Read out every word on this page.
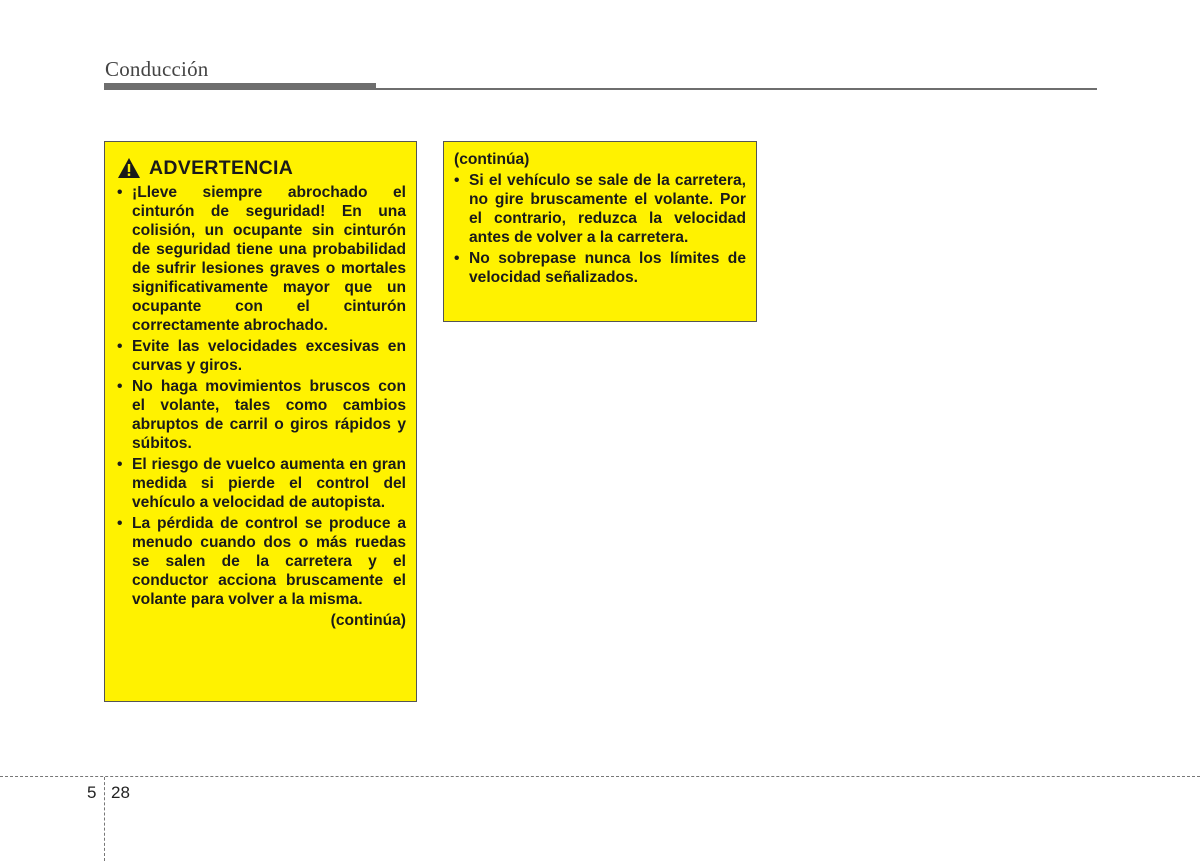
Conducción
ADVERTENCIA
• ¡Lleve siempre abrochado el cinturón de seguridad! En una colisión, un ocupante sin cinturón de seguridad tiene una probabilidad de sufrir lesiones graves o mortales significativamente mayor que un ocupante con el cinturón correctamente abrochado.
• Evite las velocidades excesivas en curvas y giros.
• No haga movimientos bruscos con el volante, tales como cambios abruptos de carril o giros rápidos y súbitos.
• El riesgo de vuelco aumenta en gran medida si pierde el control del vehículo a velocidad de autopista.
• La pérdida de control se produce a menudo cuando dos o más ruedas se salen de la carretera y el conductor acciona bruscamente el volante para volver a la misma.
(continúa)
(continúa)
• Si el vehículo se sale de la carretera, no gire bruscamente el volante. Por el contrario, reduzca la velocidad antes de volver a la carretera.
• No sobrepase nunca los límites de velocidad señalizados.
5 28
